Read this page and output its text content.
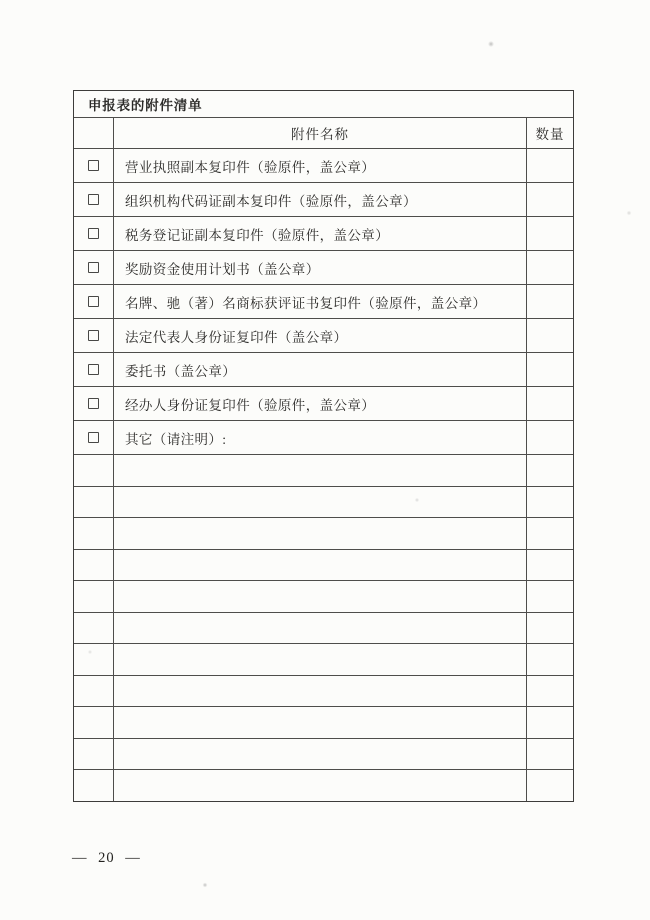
申报表的附件清单
附件名称	数量
营业执照副本复印件（验原件，盖公章）
组织机构代码证副本复印件（验原件，盖公章）
税务登记证副本复印件（验原件，盖公章）
奖励资金使用计划书（盖公章）
名牌、驰（著）名商标获评证书复印件（验原件，盖公章）
法定代表人身份证复印件（盖公章）
委托书（盖公章）
经办人身份证复印件（验原件，盖公章）
其它（请注明）:
— 20 —
